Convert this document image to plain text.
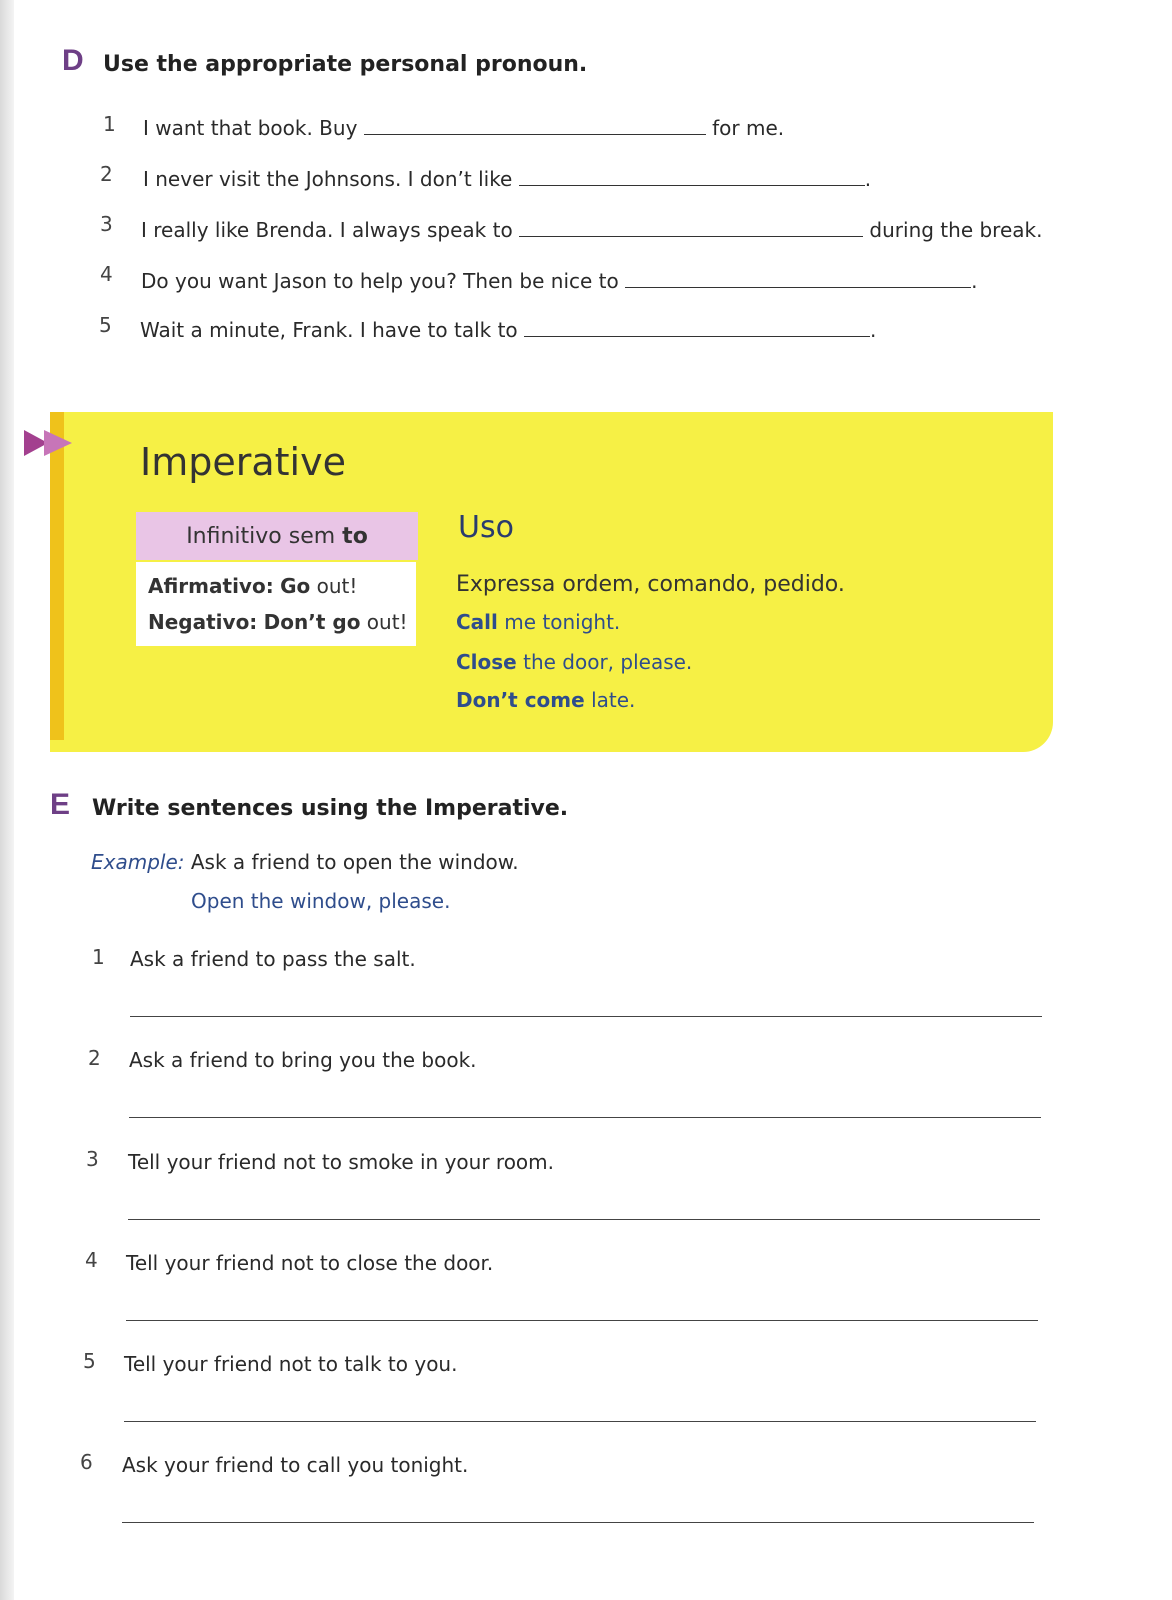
D Use the appropriate personal pronoun.
1 I want that book. Buy	for me.
2 I never visit the Johnsons. I don’t like	.
3 I really like Brenda. I always speak to	during the break.
4 Do you want Jason to help you? Then be nice to	.
5 Wait a minute, Frank. I have to talk to	.
Imperative
Infinitivo sem
to
Afirmativo: Go out!
Negativo: Don’t go out!
Uso
Expressa ordem, comando, pedido.
Call me tonight.
Close the door, please.
Don’t come late.
E Write sentences using the Imperative.
Example: Ask a friend to open the window.
Open the window, please.
1 Ask a friend to pass the salt.
2 Ask a friend to bring you the book.
3 Tell your friend not to smoke in your room.
4 Tell your friend not to close the door.
5 Tell your friend not to talk to you.
6 Ask your friend to call you tonight.
